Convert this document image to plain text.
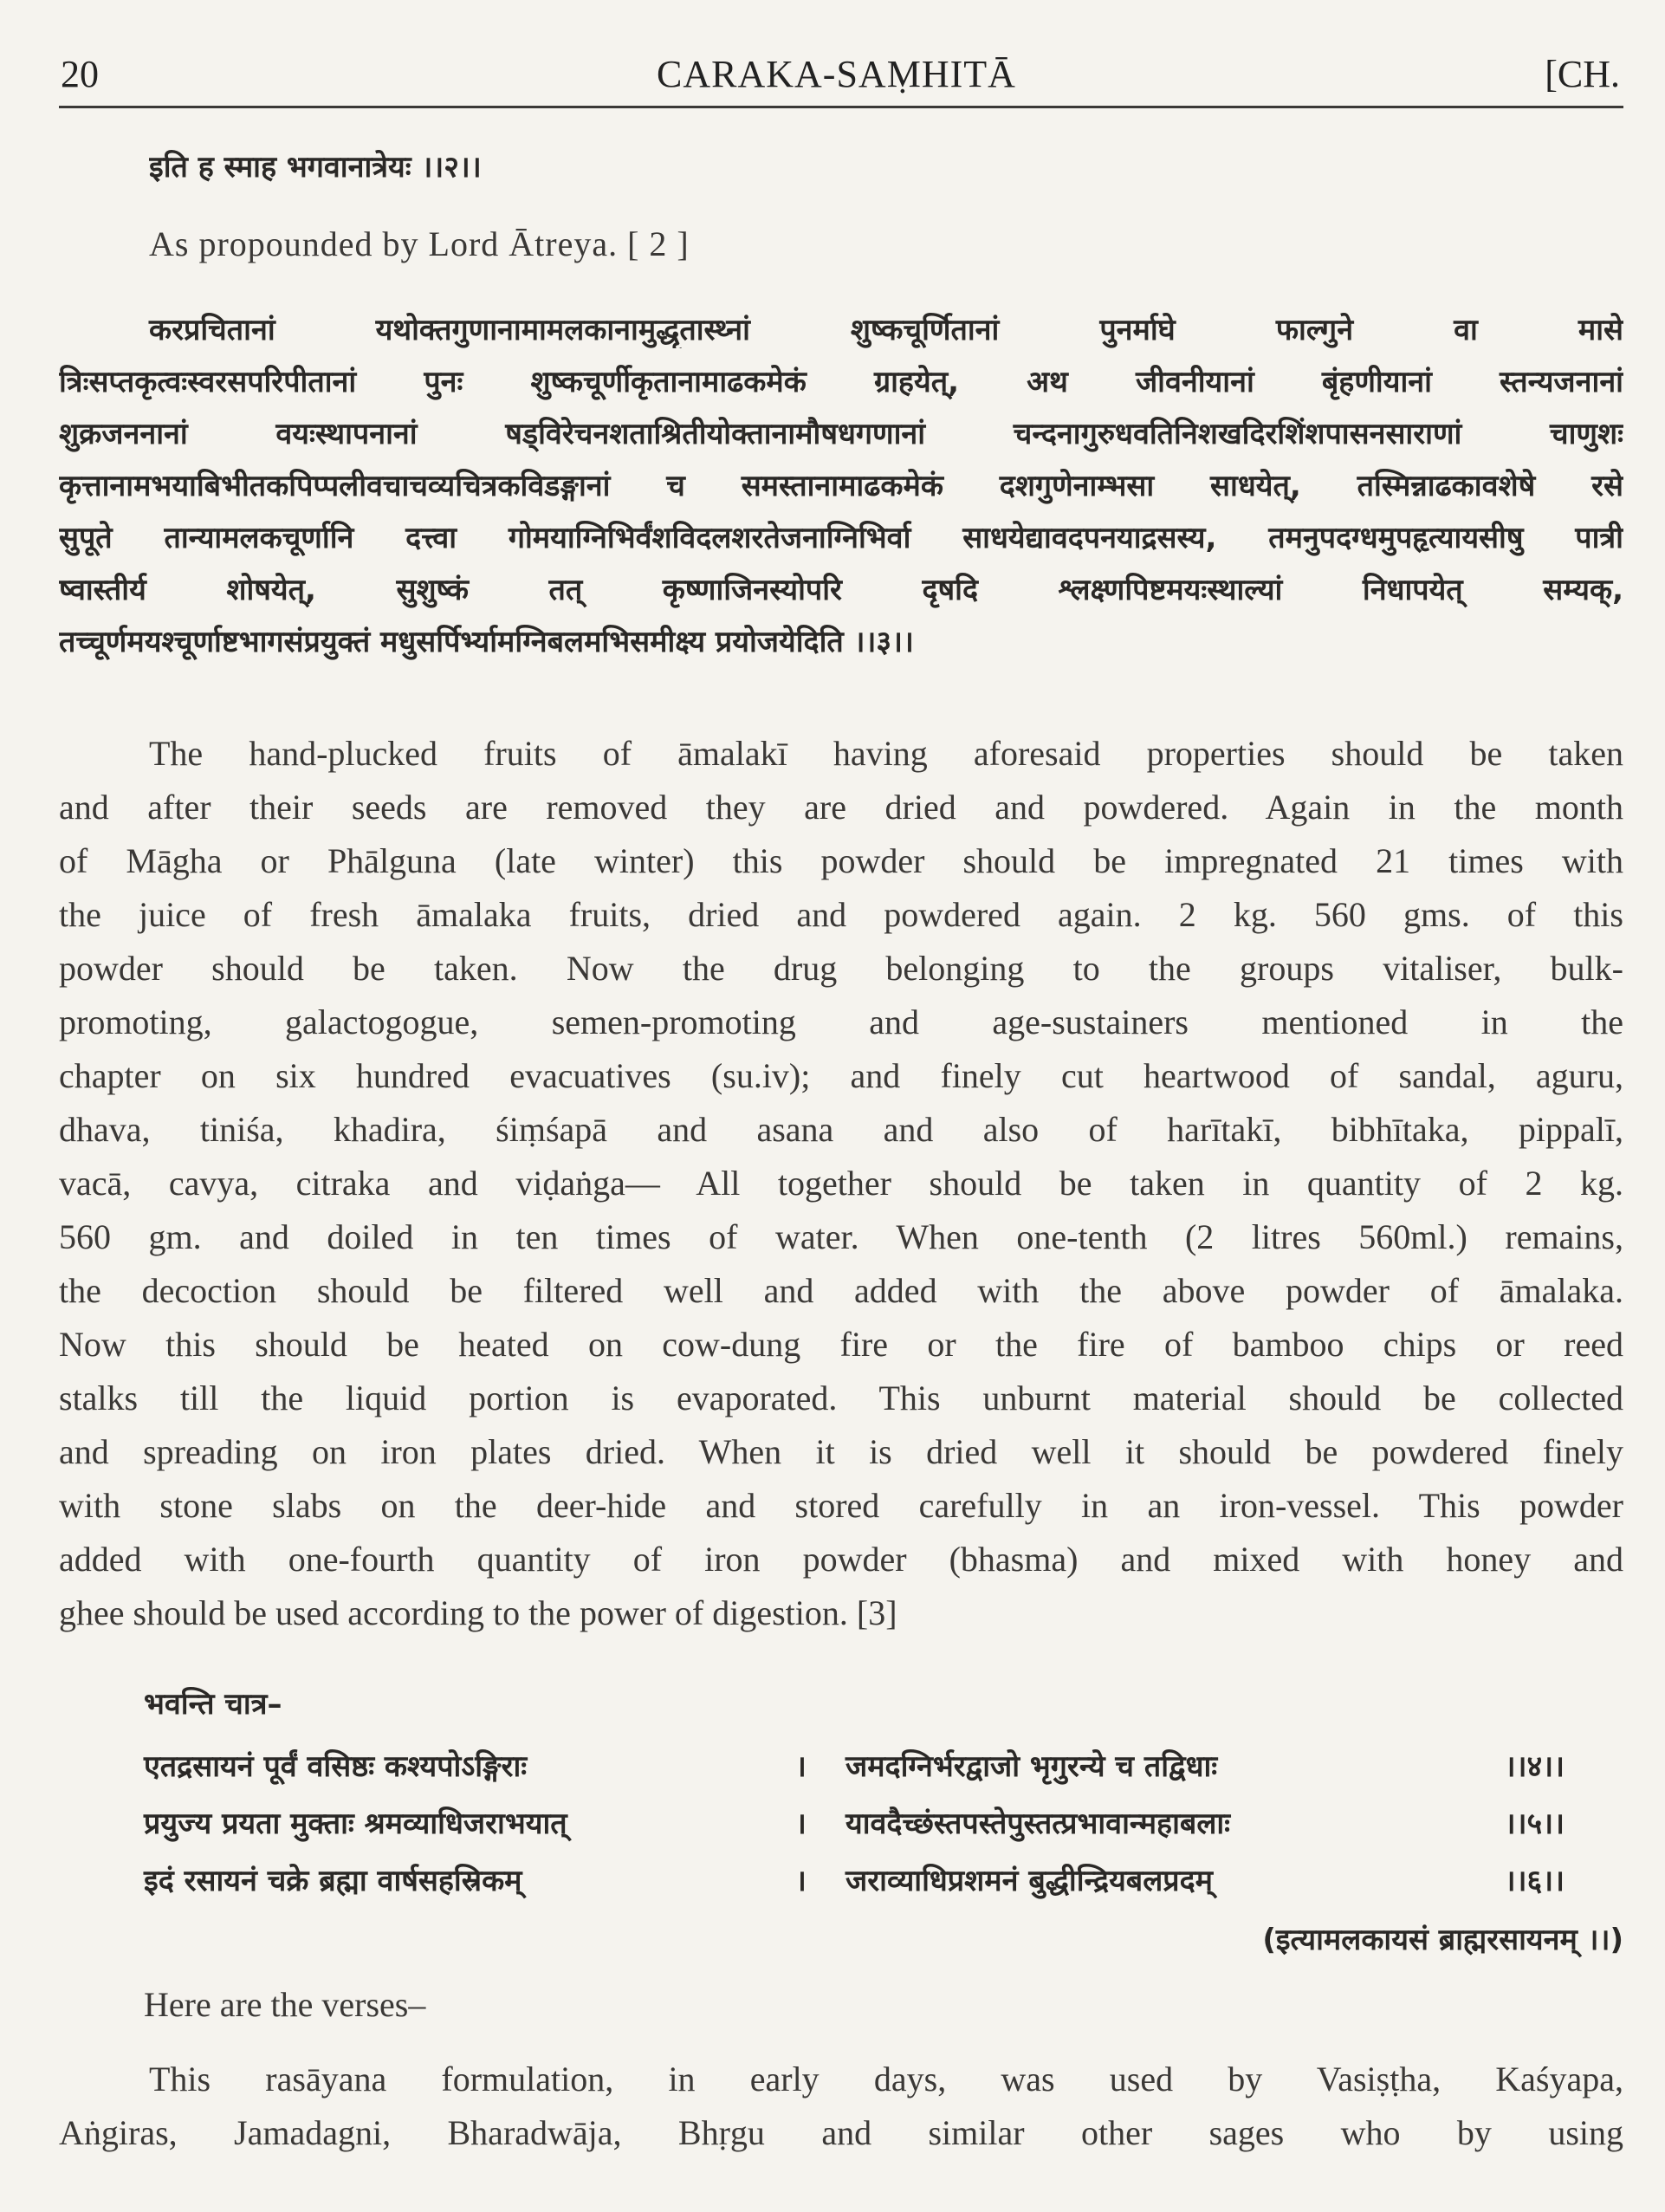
20	CARAKA-SAṂHITĀ	[CH.
इति ह स्माह भगवानात्रेयः ।।२।।
As propounded by Lord Ātreya. [ 2 ]
करप्रचितानां यथोक्तगुणानामामलकानामुद्धृतास्थ्नां शुष्कचूर्णितानां पुनर्माघे फाल्गुने वा मासे
त्रिःसप्तकृत्वःस्वरसपरिपीतानां पुनः शुष्कचूर्णीकृतानामाढकमेकं ग्राहयेत्, अथ जीवनीयानां बृंहणीयानां स्तन्यजनानां
शुक्रजननानां वयःस्थापनानां षड्विरेचनशताश्रितीयोक्तानामौषधगणानां चन्दनागुरुधवतिनिशखदिरशिंशपासनसाराणां चाणुशः
कृत्तानामभयाबिभीतकपिप्पलीवचाचव्यचित्रकविडङ्गानां च समस्तानामाढकमेकं दशगुणेनाम्भसा साधयेत्, तस्मिन्नाढकावशेषे रसे
सुपूते तान्यामलकचूर्णानि दत्त्वा गोमयाग्निभिर्वंशविदलशरतेजनाग्निभिर्वा साधयेद्यावदपनयाद्रसस्य, तमनुपदग्धमुपहृत्यायसीषु पात्री
ष्वास्तीर्य शोषयेत्, सुशुष्कं तत् कृष्णाजिनस्योपरि दृषदि श्लक्ष्णपिष्टमयःस्थाल्यां निधापयेत् सम्यक्,
तच्चूर्णमयश्चूर्णाष्टभागसंप्रयुक्तं मधुसर्पिर्भ्यामग्निबलमभिसमीक्ष्य प्रयोजयेदिति ।।३।।
The hand-plucked fruits of āmalakī having aforesaid properties should be taken
and after their seeds are removed they are dried and powdered. Again in the month
of Māgha or Phālguna (late winter) this powder should be impregnated 21 times with
the juice of fresh āmalaka fruits, dried and powdered again. 2 kg. 560 gms. of this
powder should be taken. Now the drug belonging to the groups vitaliser, bulk-
promoting, galactogogue, semen-promoting and age-sustainers mentioned in the
chapter on six hundred evacuatives (su.iv); and finely cut heartwood of sandal, aguru,
dhava, tiniśa, khadira, śiṃśapā and asana and also of harītakī, bibhītaka, pippalī,
vacā, cavya, citraka and viḍaṅga— All together should be taken in quantity of 2 kg.
560 gm. and doiled in ten times of water. When one-tenth (2 litres 560ml.) remains,
the decoction should be filtered well and added with the above powder of āmalaka.
Now this should be heated on cow-dung fire or the fire of bamboo chips or reed
stalks till the liquid portion is evaporated. This unburnt material should be collected
and spreading on iron plates dried. When it is dried well it should be powdered finely
with stone slabs on the deer-hide and stored carefully in an iron-vessel. This powder
added with one-fourth quantity of iron powder (bhasma) and mixed with honey and
ghee should be used according to the power of digestion. [3]
भवन्ति चात्र–
एतद्रसायनं पूर्वं वसिष्ठः कश्यपोऽङ्गिराः	। जमदग्निर्भरद्वाजो भृगुरन्ये च तद्विधाः	।।४।।
प्रयुज्य प्रयता मुक्ताः श्रमव्याधिजराभयात्	। यावदैच्छंस्तपस्तेपुस्तत्प्रभावान्महाबलाः	।।५।।
इदं रसायनं चक्रे ब्रह्मा वार्षसहस्रिकम्	। जराव्याधिप्रशमनं बुद्धीन्द्रियबलप्रदम्	।।६।।
(इत्यामलकायसं ब्राह्मरसायनम् ।।)
Here are the verses–
This rasāyana formulation, in early days, was used by Vasiṣṭha, Kaśyapa,
Aṅgiras, Jamadagni, Bharadwāja, Bhṛgu and similar other sages who by using
